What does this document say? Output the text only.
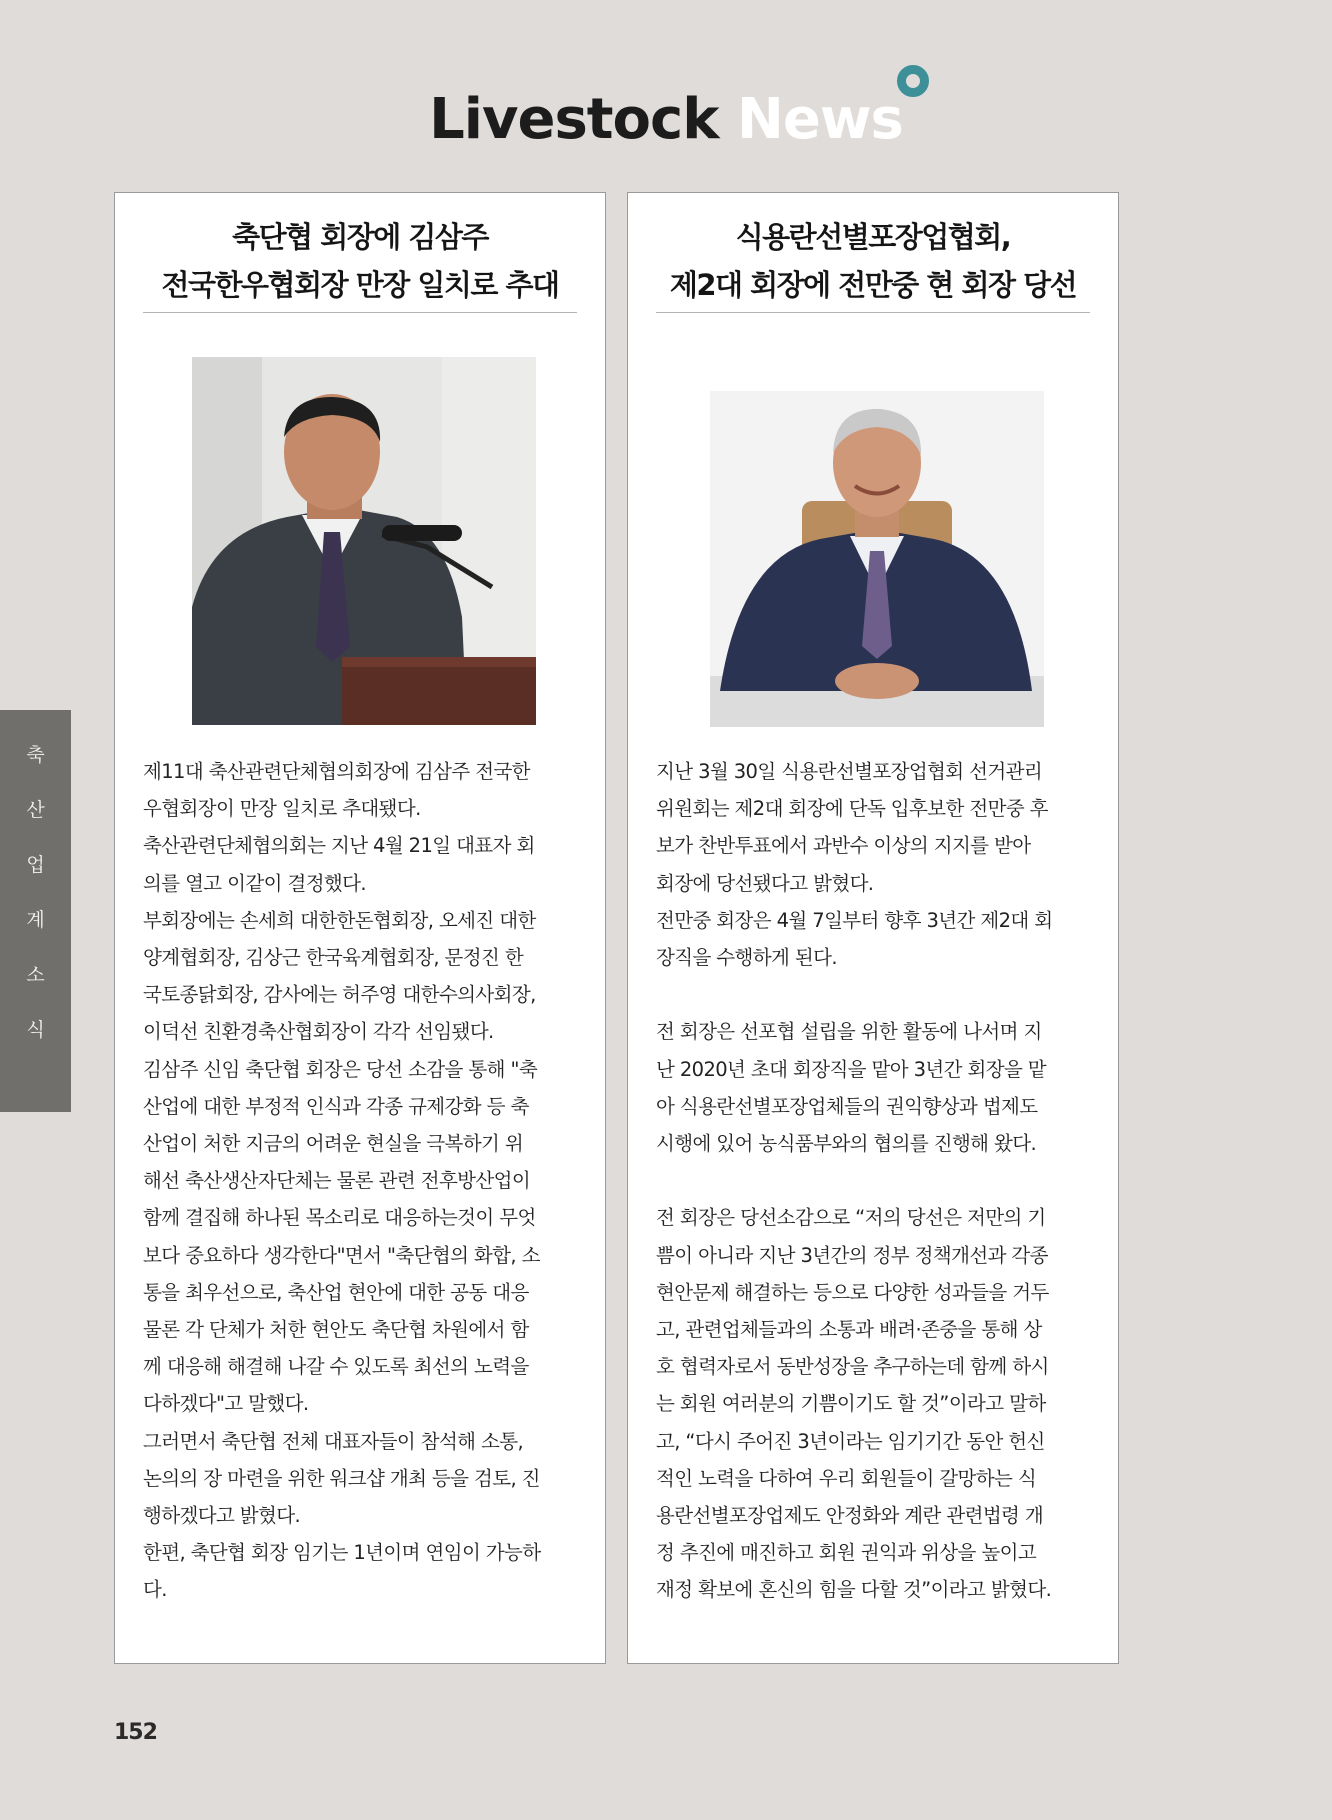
Livestock News
축단협 회장에 김삼주
전국한우협회장 만장 일치로 추대

제11대 축산관련단체협의회장에 김삼주 전국한

우협회장이 만장 일치로 추대됐다.

축산관련단체협의회는 지난 4월 21일 대표자 회

의를 열고 이같이 결정했다.

부회장에는 손세희 대한한돈협회장, 오세진 대한

양계협회장, 김상근 한국육계협회장, 문정진 한

국토종닭회장, 감사에는 허주영 대한수의사회장,

이덕선 친환경축산협회장이 각각 선임됐다.

김삼주 신임 축단협 회장은 당선 소감을 통해 "축

산업에 대한 부정적 인식과 각종 규제강화 등 축

산업이 처한 지금의 어려운 현실을 극복하기 위

해선 축산생산자단체는 물론 관련 전후방산업이

함께 결집해 하나된 목소리로 대응하는것이 무엇

보다 중요하다 생각한다"면서 "축단협의 화합, 소

통을 최우선으로, 축산업 현안에 대한 공동 대응

물론 각 단체가 처한 현안도 축단협 차원에서 함

께 대응해 해결해 나갈 수 있도록 최선의 노력을

다하겠다"고 말했다.

그러면서 축단협 전체 대표자들이 참석해 소통,

논의의 장 마련을 위한 워크샵 개최 등을 검토, 진

행하겠다고 밝혔다.

한편, 축단협 회장 임기는 1년이며 연임이 가능하

다.

식용란선별포장업협회,
제2대 회장에 전만중 현 회장 당선

지난 3월 30일 식용란선별포장업협회 선거관리

위원회는 제2대 회장에 단독 입후보한 전만중 후

보가 찬반투표에서 과반수 이상의 지지를 받아

회장에 당선됐다고 밝혔다.

전만중 회장은 4월 7일부터 향후 3년간 제2대 회

장직을 수행하게 된다.

전 회장은 선포협 설립을 위한 활동에 나서며 지

난 2020년 초대 회장직을 맡아 3년간 회장을 맡

아 식용란선별포장업체들의 권익향상과 법제도

시행에 있어 농식품부와의 협의를 진행해 왔다.

전 회장은 당선소감으로 “저의 당선은 저만의 기

쁨이 아니라 지난 3년간의 정부 정책개선과 각종

현안문제 해결하는 등으로 다양한 성과들을 거두

고, 관련업체들과의 소통과 배려·존중을 통해 상

호 협력자로서 동반성장을 추구하는데 함께 하시

는 회원 여러분의 기쁨이기도 할 것”이라고 말하

고, “다시 주어진 3년이라는 임기기간 동안 헌신

적인 노력을 다하여 우리 회원들이 갈망하는 식

용란선별포장업제도 안정화와 계란 관련법령 개

정 추진에 매진하고 회원 권익과 위상을 높이고

재정 확보에 혼신의 힘을 다할 것”이라고 밝혔다.

축
산
업
계
소
식
152
